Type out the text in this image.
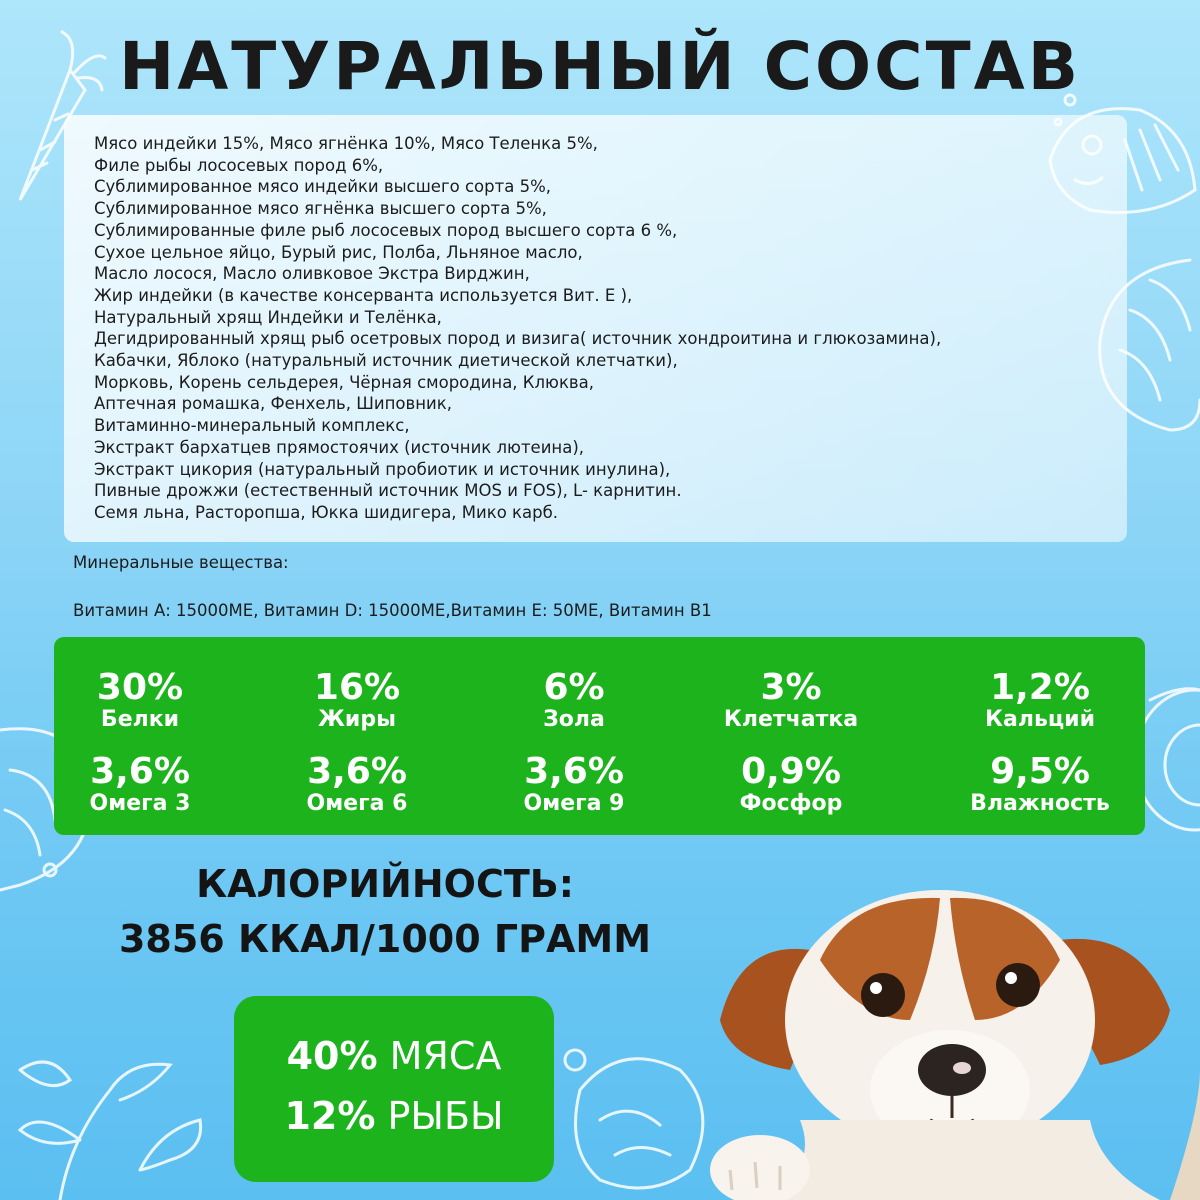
НАТУРАЛЬНЫЙ СОСТАВ
Мясо индейки 15%, Мясо ягнёнка 10%, Мясо Теленка 5%,
Филе рыбы лососевых пород 6%,
Сублимированное мясо индейки высшего сорта 5%,
Сублимированное мясо ягнёнка высшего сорта 5%,
Сублимированные филе рыб лососевых пород высшего сорта 6 %,
Сухое цельное яйцо, Бурый рис, Полба, Льняное масло,
Масло лосося, Масло оливковое Экстра Вирджин,
Жир индейки (в качестве консерванта используется Вит. Е ),
Натуральный хрящ Индейки и Телёнка,
Дегидрированный хрящ рыб осетровых пород и визига( источник хондроитина и глюкозамина),
Кабачки, Яблоко (натуральный источник диетической клетчатки),
Морковь, Корень сельдерея, Чёрная смородина, Клюква,
Аптечная ромашка, Фенхель, Шиповник,
Витаминно-минеральный комплекс,
Экстракт бархатцев прямостоячих (источник лютеина),
Экстракт цикория (натуральный пробиотик и источник инулина),
Пивные дрожжи (естественный источник MOS и FOS), L- карнитин.
Семя льна, Расторопша, Юкка шидигера, Мико карб.
Минеральные вещества:
Витамин А: 15000МЕ, Витамин D: 15000МЕ,Витамин Е: 50МЕ, Витамин В1
30%
Белки
16%
Жиры
6%
Зола
3%
Клетчатка
1,2%
Кальций
3,6%
Омега 3
3,6%
Омега 6
3,6%
Омега 9
0,9%
Фосфор
9,5%
Влажность
КАЛОРИЙНОСТЬ:
3856 ККАЛ/1000 ГРАММ
40% МЯСА
12% РЫБЫ
